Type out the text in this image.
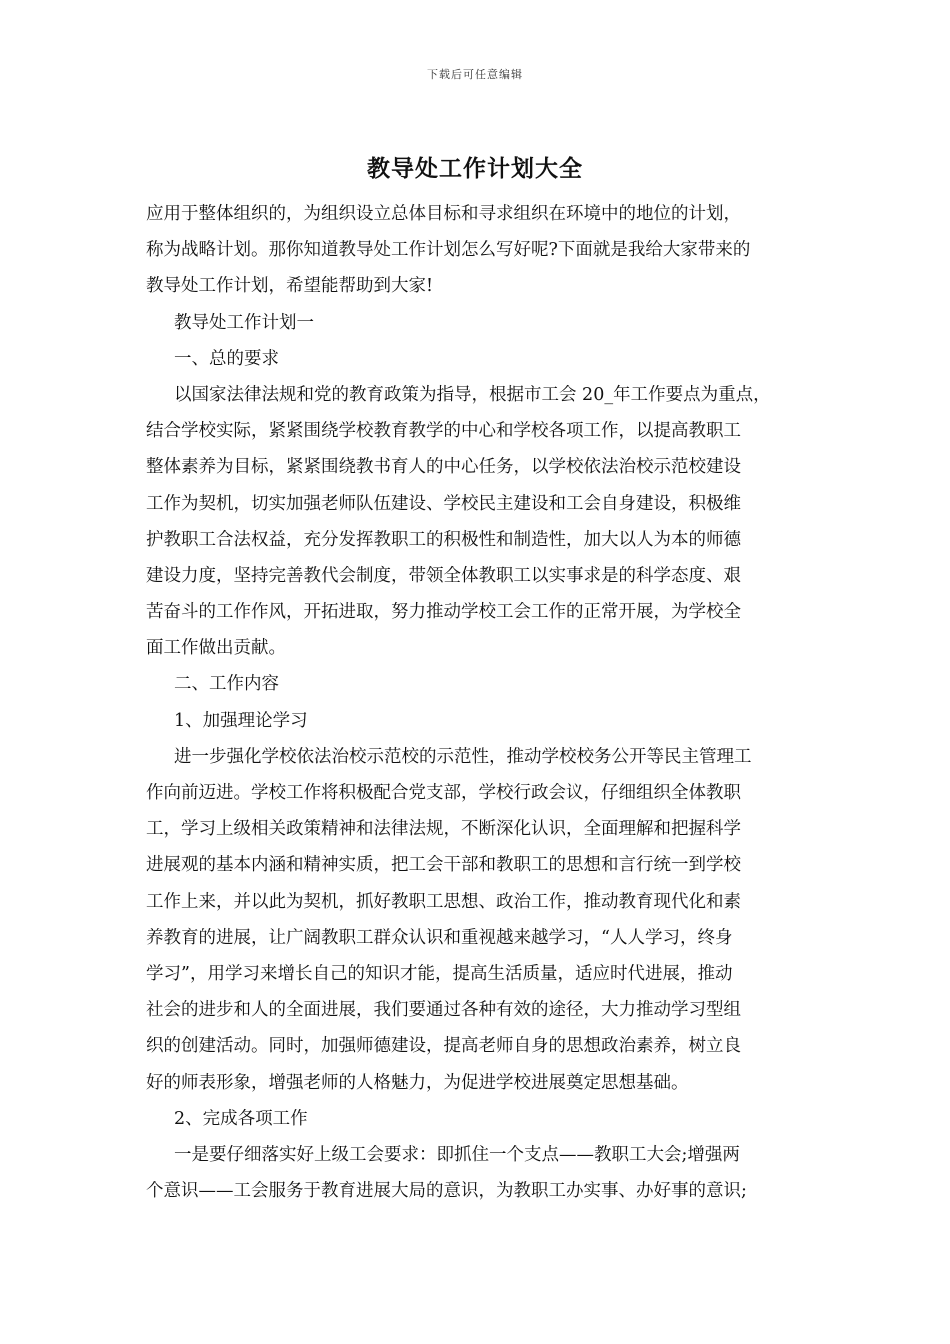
下载后可任意编辑
教导处工作计划大全
应用于整体组织的，为组织设立总体目标和寻求组织在环境中的地位的计划，
称为战略计划。那你知道教导处工作计划怎么写好呢?下面就是我给大家带来的
教导处工作计划，希望能帮助到大家!
教导处工作计划一
一、总的要求
以国家法律法规和党的教育政策为指导，根据市工会 20_年工作要点为重点，
结合学校实际，紧紧围绕学校教育教学的中心和学校各项工作，以提高教职工
整体素养为目标，紧紧围绕教书育人的中心任务，以学校依法治校示范校建设
工作为契机，切实加强老师队伍建设、学校民主建设和工会自身建设，积极维
护教职工合法权益，充分发挥教职工的积极性和制造性，加大以人为本的师德
建设力度，坚持完善教代会制度，带领全体教职工以实事求是的科学态度、艰
苦奋斗的工作作风，开拓进取，努力推动学校工会工作的正常开展，为学校全
面工作做出贡献。
二、工作内容
1、加强理论学习
进一步强化学校依法治校示范校的示范性，推动学校校务公开等民主管理工
作向前迈进。学校工作将积极配合党支部，学校行政会议，仔细组织全体教职
工，学习上级相关政策精神和法律法规，不断深化认识，全面理解和把握科学
进展观的基本内涵和精神实质，把工会干部和教职工的思想和言行统一到学校
工作上来，并以此为契机，抓好教职工思想、政治工作，推动教育现代化和素
养教育的进展，让广阔教职工群众认识和重视越来越学习，“人人学习，终身
学习”，用学习来增长自己的知识才能，提高生活质量，适应时代进展，推动
社会的进步和人的全面进展，我们要通过各种有效的途径，大力推动学习型组
织的创建活动。同时，加强师德建设，提高老师自身的思想政治素养，树立良
好的师表形象，增强老师的人格魅力，为促进学校进展奠定思想基础。
2、完成各项工作
一是要仔细落实好上级工会要求：即抓住一个支点——教职工大会;增强两
个意识——工会服务于教育进展大局的意识，为教职工办实事、办好事的意识;
